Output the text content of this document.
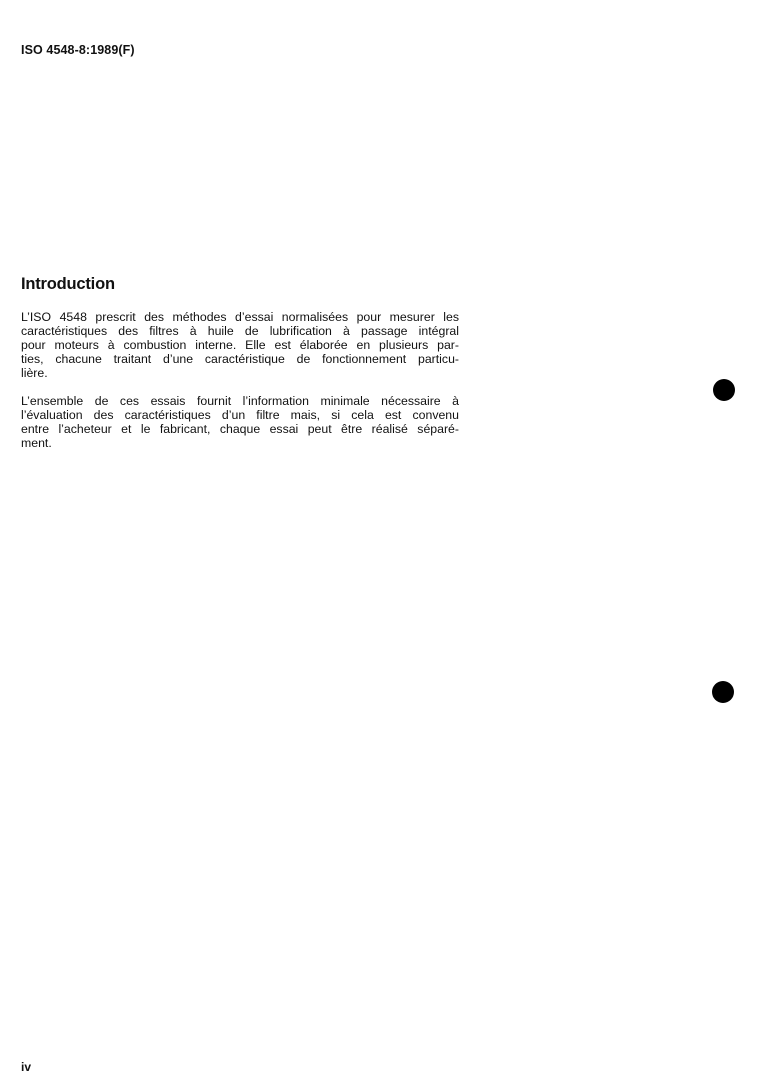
ISO 4548-8:1989(F)
Introduction
L’ISO 4548 prescrit des méthodes d’essai normalisées pour mesurer les
caractéristiques des filtres à huile de lubrification à passage intégral
pour moteurs à combustion interne. Elle est élaborée en plusieurs par-
ties, chacune traitant d’une caractéristique de fonctionnement particu-
lière.
L’ensemble de ces essais fournit l’information minimale nécessaire à
l’évaluation des caractéristiques d’un filtre mais, si cela est convenu
entre l’acheteur et le fabricant, chaque essai peut être réalisé séparé-
ment.
iv
